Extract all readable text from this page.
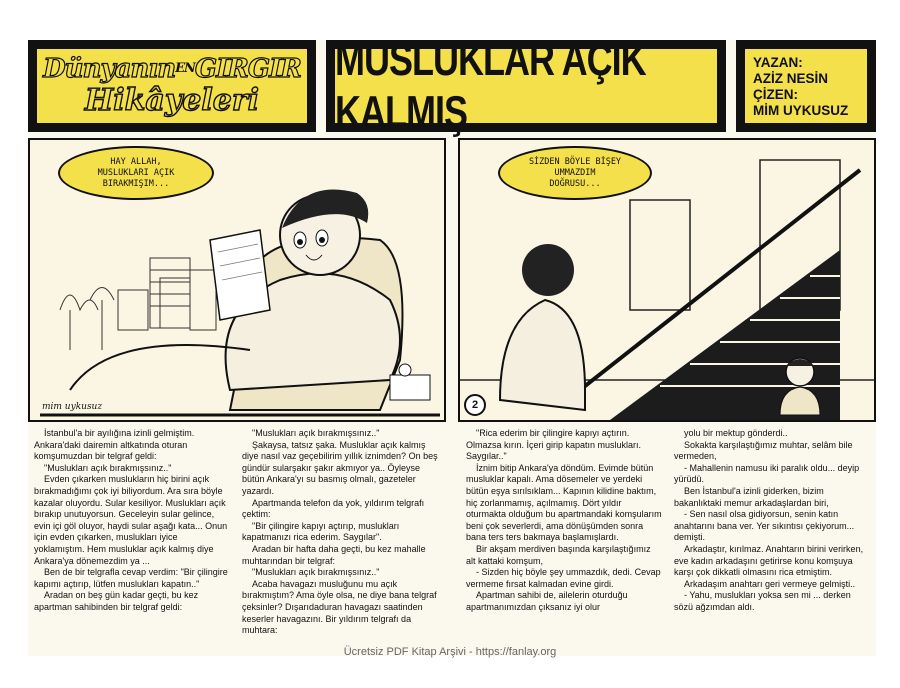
Dünyanın$^{EN}$GIRGIR
Hikâyeleri
MUSLUKLAR AÇIK KALMIŞ
YAZAN:
AZİZ NESİN
ÇİZEN:
MİM UYKUSUZ
HAY ALLAH,
MUSLUKLARI AÇIK
BIRAKMIŞIM...
mim uykusuz
SİZDEN BÖYLE BİŞEY
UMMAZDIM
DOĞRUSU...
2

İstanbul'a bir ayılığına izinli gelmiştim. Ankara'daki dairemin altkatında oturan komşumuzdan bir telgraf geldi:

"Muslukları açık bırakmışsınız.."

Evden çıkarken muslukların hiç birini açık bırakmadığımı çok iyi biliyordum. Ara sıra böyle kazalar oluyordu. Sular kesiliyor. Muslukları açık bırakıp unutuyorsun. Geceleyin sular gelince, evin içi göl oluyor, haydi sular aşağı kata... Onun için evden çıkarken, muslukları iyice yoklamıştım. Hem musluklar açık kalmış diye Ankara'ya dönemezdim ya ...

Ben de bir telgrafla cevap verdim: "Bir çilingire kapımı açtırıp, lütfen muslukları kapatın.."

Aradan on beş gün kadar geçti, bu kez apartman sahibinden bir telgraf geldi:

"Muslukları açık bırakmışsınız.."

Şakaysa, tatsız şaka. Musluklar açık kalmış diye nasıl vaz geçebilirim yıllık iznimden? On beş gündür sularşakır şakır akmıyor ya.. Öyleyse bütün Ankara'yı su basmış olmalı, gazeteler yazardı.

Apartmanda telefon da yok, yıldırım telgrafı çektim:

"Bir çilingire kapıyı açtırıp, muslukları kapatmanızı rica ederim. Saygılar".

Aradan bir hafta daha geçti, bu kez mahalle muhtarından bir telgraf:

"Muslukları açık bırakmışsınız.."

Acaba havagazı musluğunu mu açık bırakmıştım? Ama öyle olsa, ne diye bana telgraf çeksinler? Dışarıdaduran havagazı saatinden keserler havagazını. Bir yıldırım telgrafı da muhtara:

"Rica ederim bir çilingire kapıyı açtırın. Olmazsa kırın. İçeri girip kapatın muslukları. Saygılar.."

İznim bitip Ankara'ya döndüm. Evimde bütün musluklar kapalı. Ama dösemeler ve yerdeki bütün eşya sırılsıklam... Kapının kilidine baktım, hiç zorlanmamış, açılmamış. Dört yıldır oturmakta olduğum bu apartmandaki komşularım beni çok severlerdi, ama dönüşümden sonra bana ters ters bakmaya başlamışlardı.

Bir akşam merdiven başında karşılaştığımız alt kattaki komşum,

- Sizden hiç böyle şey ummazdık, dedi. Cevap vermeme fırsat kalmadan evine girdi.

Apartman sahibi de, ailelerin oturduğu apartmanımızdan çıksanız iyi olur

yolu bir mektup gönderdi..

Sokakta karşılaştığımız muhtar, selâm bile vermeden,

- Mahallenin namusu iki paralık oldu... deyip yürüdü.

Ben İstanbul'a izinli giderken, bizim bakanlıktaki memur arkadaşlardan biri,

- Sen nasıl olsa gidiyorsun, senin katın anahtarını bana ver. Yer sıkıntısı çekiyorum... demişti.

Arkadaştır, kırılmaz. Anahtarın birini verirken, eve kadın arkadaşını getirirse konu komşuya karşı çok dikkatli olmasını rica etmiştim.

Arkadaşım anahtarı geri vermeye gelmişti..

- Yahu, muslukları yoksa sen mi ... derken sözü ağzımdan aldı.

Ücretsiz PDF Kitap Arşivi - https://fanlay.org
